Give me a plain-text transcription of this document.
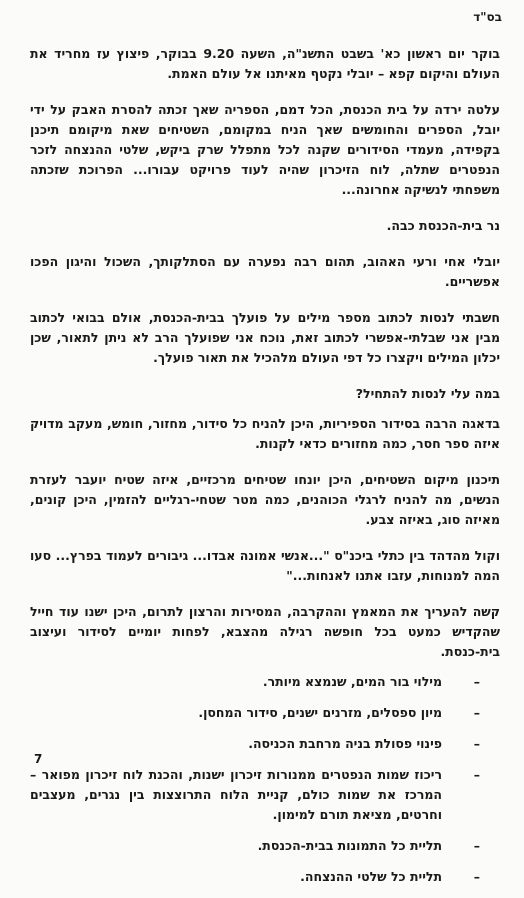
בס"ד

בוקר יום ראשון כא' בשבט התשנ"ה, השעה 9.20 בבוקר, פיצוץ עז מחריד את העולם והיקום קפא – יובלי נקטף מאיתנו אל עולם האמת.

עלטה ירדה על בית הכנסת, הכל דמם, הספריה שאך זכתה להסרת האבק על ידי יובל, הספרים והחומשים שאך הניח במקומם, השטיחים שאת מיקומם תיכנן בקפידה, מעמדי הסידורים שקנה לכל מתפלל שרק ביקש, שלטי ההנצחה לזכר הנפטרים שתלה, לוח הזיכרון שהיה לעוד פרויקט עבורו... הפרוכת שזכתה משפחתי לנשיקה אחרונה...

נר בית-הכנסת כבה.

יובלי אחי ורעי האהוב, תהום רבה נפערה עם הסתלקותך, השכול והיגון הפכו אפשריים.

חשבתי לנסות לכתוב מספר מילים על פועלך בבית-הכנסת, אולם בבואי לכתוב מבין אני שבלתי-אפשרי לכתוב זאת, נוכח אני שפועלך הרב לא ניתן לתאור, שכן יכלון המילים ויקצרו כל דפי העולם מלהכיל את תאור פועלך.

במה עלי לנסות להתחיל?

בדאגה הרבה בסידור הספיריות, היכן להניח כל סידור, מחזור, חומש, מעקב מדויק איזה ספר חסר, כמה מחזורים כדאי לקנות.

תיכנון מיקום השטיחים, היכן יונחו שטיחים מרכזיים, איזה שטיח יועבר לעזרת הנשים, מה להניח לרגלי הכוהנים, כמה מטר שטחי-רגליים להזמין, היכן קונים, מאיזה סוג, באיזה צבע.

וקול מהדהד בין כתלי ביכנ"ס "...אנשי אמונה אבדו... גיבורים לעמוד בפרץ... סעו המה למנוחות, עזבו אתנו לאנחות..."

קשה להעריך את המאמץ וההקרבה, המסירות והרצון לתרום, היכן ישנו עוד חייל שהקדיש כמעט בכל חופשה רגילה מהצבא, לפחות יומיים לסידור ועיצוב בית-כנסת.

–
מילוי בור המים, שנמצא מיותר.
–
מיון ספסלים, מזרנים ישנים, סידור המחסן.
–
פינוי פסולת בניה מרחבת הכניסה.
–
ריכוז שמות הנפטרים ממנורות זיכרון ישנות, והכנת לוח זיכרון מפואר – המרכז את שמות כולם, קניית הלוח התרוצצות בין נגרים, מעצבים וחרטים, מציאת תורם למימון.
–
תליית כל התמונות בבית-הכנסת.
–
תליית כל שלטי ההנצחה.
7
